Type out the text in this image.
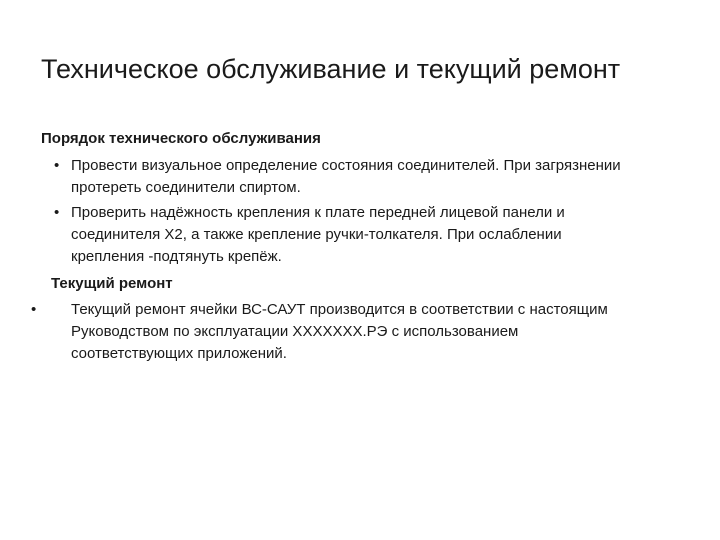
Техническое обслуживание и текущий ремонт
Порядок технического обслуживания
• Провести визуальное определение состояния соединителей. При загрязнении
протереть соединители спиртом.
• Проверить надёжность крепления к плате передней лицевой панели и
соединителя Х2, а также крепление ручки-толкателя. При ослаблении
крепления -подтянуть крепёж.
Текущий ремонт
• Текущий ремонт ячейки ВС-САУТ производится в соответствии с настоящим
Руководством по эксплуатации ХХХХХХХ.РЭ с использованием
соответствующих приложений.
